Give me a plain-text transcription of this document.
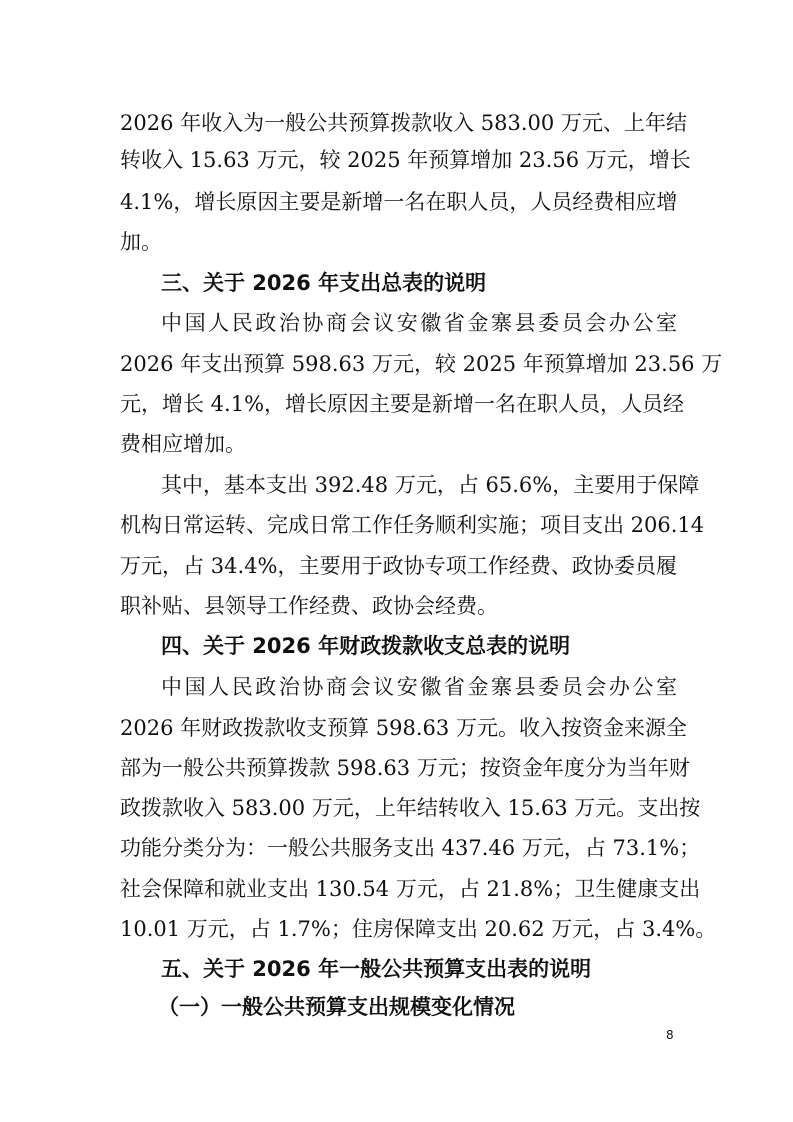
2026 年收入为一般公共预算拨款收入 583.00 万元、上年结
转收入 15.63 万元，较 2025 年预算增加 23.56 万元，增长
4.1%，增长原因主要是新增一名在职人员，人员经费相应增
加。
三、关于 2026 年支出总表的说明
中国人民政治协商会议安徽省金寨县委员会办公室
2026 年支出预算 598.63 万元，较 2025 年预算增加 23.56 万
元，增长 4.1%，增长原因主要是新增一名在职人员，人员经
费相应增加。
其中，基本支出 392.48 万元，占 65.6%，主要用于保障
机构日常运转、完成日常工作任务顺利实施；项目支出 206.14
万元，占 34.4%，主要用于政协专项工作经费、政协委员履
职补贴、县领导工作经费、政协会经费。
四、关于 2026 年财政拨款收支总表的说明
中国人民政治协商会议安徽省金寨县委员会办公室
2026 年财政拨款收支预算 598.63 万元。收入按资金来源全
部为一般公共预算拨款 598.63 万元；按资金年度分为当年财
政拨款收入 583.00 万元，上年结转收入 15.63 万元。支出按
功能分类分为：一般公共服务支出 437.46 万元，占 73.1%；
社会保障和就业支出 130.54 万元，占 21.8%；卫生健康支出
10.01 万元，占 1.7%；住房保障支出 20.62 万元，占 3.4%。
五、关于 2026 年一般公共预算支出表的说明
（一）一般公共预算支出规模变化情况
8
